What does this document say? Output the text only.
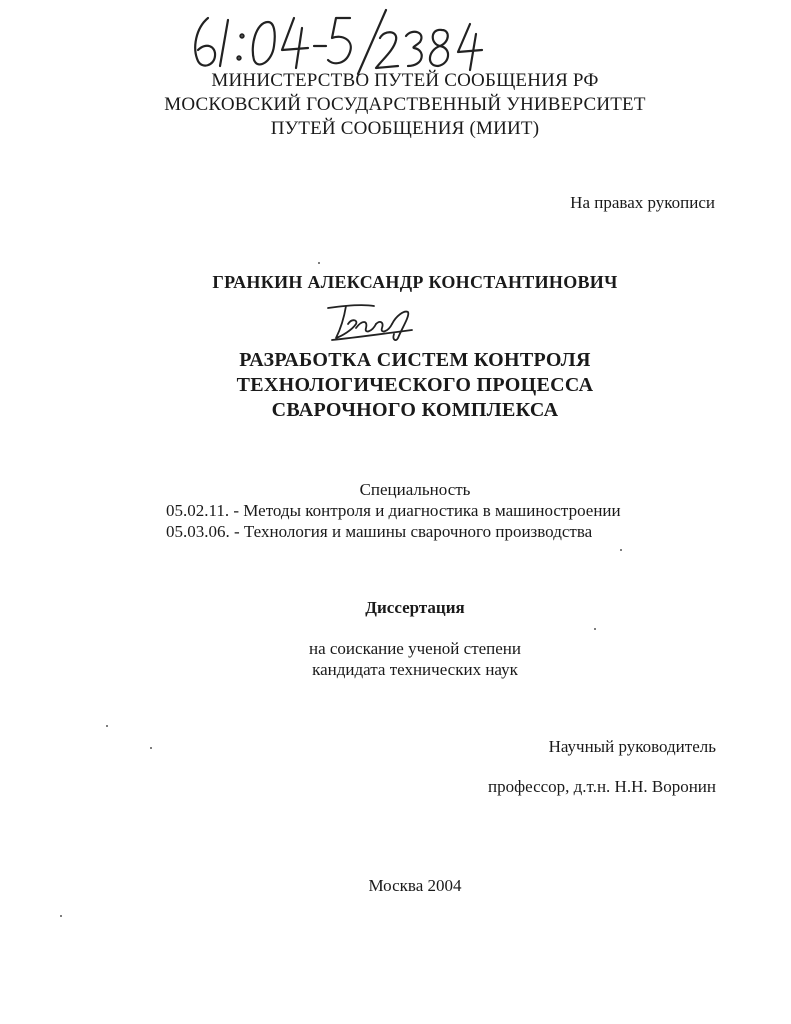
МИНИСТЕРСТВО ПУТЕЙ СООБЩЕНИЯ РФ
МОСКОВСКИЙ ГОСУДАРСТВЕННЫЙ УНИВЕРСИТЕТ
ПУТЕЙ СООБЩЕНИЯ (МИИТ)
На правах рукописи
ГРАНКИН АЛЕКСАНДР КОНСТАНТИНОВИЧ
РАЗРАБОТКА СИСТЕМ КОНТРОЛЯ
ТЕХНОЛОГИЧЕСКОГО ПРОЦЕССА
СВАРОЧНОГО КОМПЛЕКСА
Специальность
05.02.11. - Методы контроля и диагностика в машиностроении
05.03.06. - Технология и машины сварочного производства
Диссертация
на соискание ученой степени
кандидата технических наук
Научный руководитель
профессор, д.т.н. Н.Н. Воронин
Москва 2004
